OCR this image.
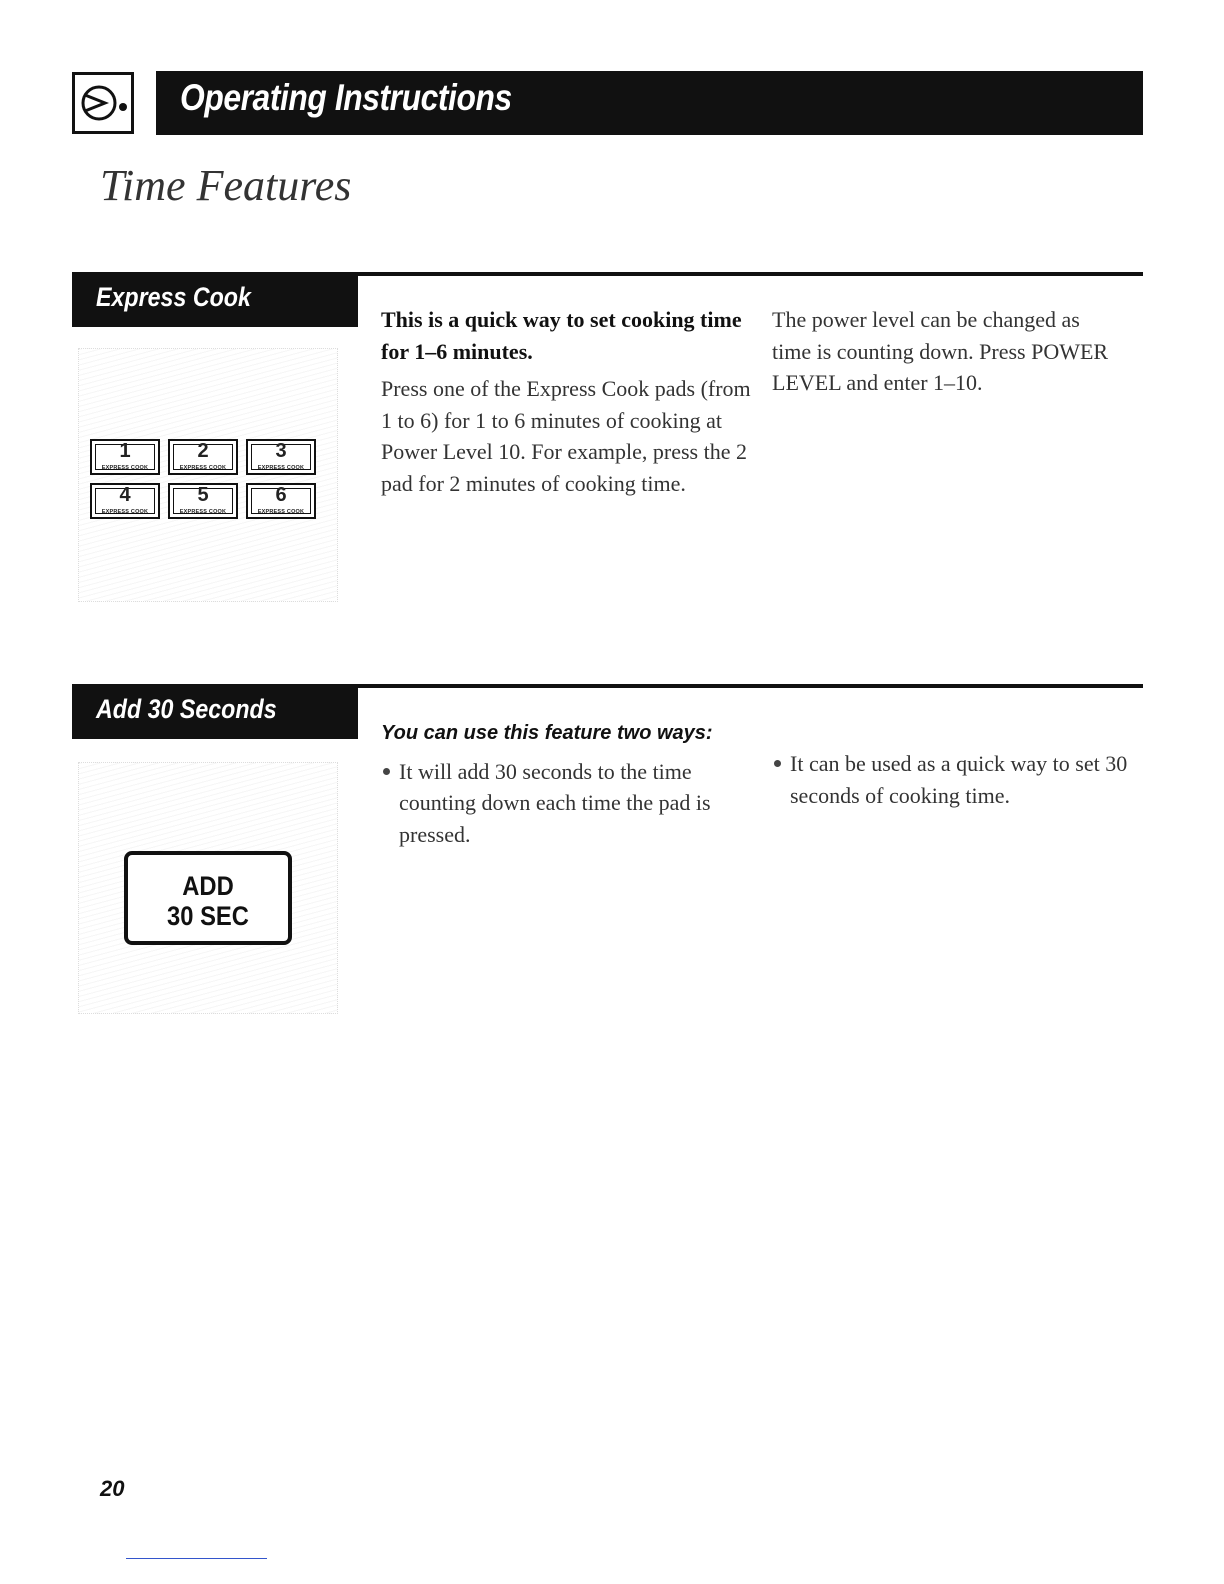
Operating Instructions
Time Features
Express Cook
1
EXPRESS COOK
2
EXPRESS COOK
3
EXPRESS COOK
4
EXPRESS COOK
5
EXPRESS COOK
6
EXPRESS COOK

This is a quick way to set cooking time for 1–6 minutes.

Press one of the Express Cook pads (from 1 to 6) for 1 to 6 minutes of cooking at Power Level 10. For example, press the 2 pad for 2 minutes of cooking time.

The power level can be changed as time is counting down. Press POWER LEVEL and enter 1–10.

Add 30 Seconds
ADD
30 SEC
You can use this feature two ways:
It will add 30 seconds to the time counting down each time the pad is pressed.
It can be used as a quick way to set 30 seconds of cooking time.
20
